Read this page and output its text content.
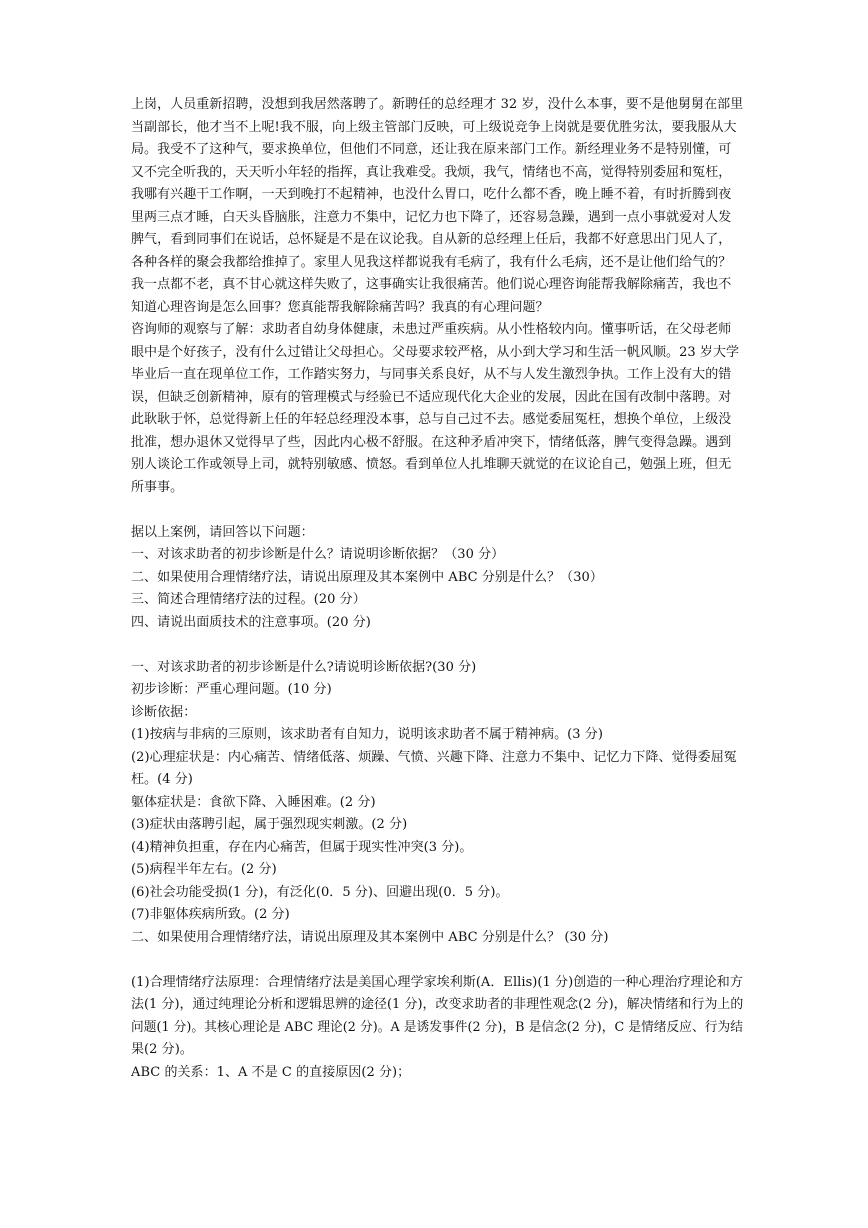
上岗，人员重新招聘，没想到我居然落聘了。新聘任的总经理才 32 岁，没什么本事，要不是他舅舅在部里
当副部长，他才当不上呢!我不服，向上级主管部门反映，可上级说竞争上岗就是要优胜劣汰，要我服从大
局。我受不了这种气，要求换单位，但他们不同意，还让我在原来部门工作。新经理业务不是特别懂，可
又不完全听我的，天天听小年轻的指挥，真让我难受。我烦，我气，情绪也不高，觉得特别委屈和冤枉，
我哪有兴趣干工作啊，一天到晚打不起精神，也没什么胃口，吃什么都不香，晚上睡不着，有时折腾到夜
里两三点才睡，白天头昏脑胀，注意力不集中，记忆力也下降了，还容易急躁，遇到一点小事就爱对人发
脾气，看到同事们在说话，总怀疑是不是在议论我。自从新的总经理上任后，我都不好意思出门见人了，
各种各样的聚会我都给推掉了。家里人见我这样都说我有毛病了，我有什么毛病，还不是让他们给气的？
我一点都不老，真不甘心就这样失败了，这事确实让我很痛苦。他们说心理咨询能帮我解除痛苦，我也不
知道心理咨询是怎么回事？您真能帮我解除痛苦吗？我真的有心理问题？
咨询师的观察与了解：求助者自幼身体健康，未患过严重疾病。从小性格较内向。懂事听话，在父母老师
眼中是个好孩子，没有什么过错让父母担心。父母要求较严格，从小到大学习和生活一帆风顺。23 岁大学
毕业后一直在现单位工作，工作踏实努力，与同事关系良好，从不与人发生激烈争执。工作上没有大的错
误，但缺乏创新精神，原有的管理模式与经验已不适应现代化大企业的发展，因此在国有改制中落聘。对
此耿耿于怀，总觉得新上任的年轻总经理没本事，总与自己过不去。感觉委屈冤枉，想换个单位，上级没
批准，想办退休又觉得早了些，因此内心极不舒服。在这种矛盾冲突下，情绪低落，脾气变得急躁。遇到
别人谈论工作或领导上司，就特别敏感、愤怒。看到单位人扎堆聊天就觉的在议论自己，勉强上班，但无
所事事。
据以上案例，请回答以下问题：
一、对该求助者的初步诊断是什么？请说明诊断依据？（30 分）
二、如果使用合理情绪疗法，请说出原理及其本案例中 ABC 分别是什么？（30）
三、简述合理情绪疗法的过程。(20 分）
四、请说出面质技术的注意事项。(20 分)
一、对该求助者的初步诊断是什么?请说明诊断依据?(30 分)
初步诊断：严重心理问题。(10 分)
诊断依据：
(1)按病与非病的三原则，该求助者有自知力，说明该求助者不属于精神病。(3 分)
(2)心理症状是：内心痛苦、情绪低落、烦躁、气愤、兴趣下降、注意力不集中、记忆力下降、觉得委屈冤
枉。(4 分)
躯体症状是：食欲下降、入睡困难。(2 分)
(3)症状由落聘引起，属于强烈现实刺激。(2 分)
(4)精神负担重，存在内心痛苦，但属于现实性冲突(3 分)。
(5)病程半年左右。(2 分)
(6)社会功能受损(1 分)，有泛化(0．5 分)、回避出现(0．5 分)。
(7)非躯体疾病所致。(2 分)
二、如果使用合理情绪疗法，请说出原理及其本案例中 ABC 分别是什么？ (30 分)
(1)合理情绪疗法原理：合理情绪疗法是美国心理学家埃利斯(A．Ellis)(1 分)创造的一种心理治疗理论和方
法(1 分)，通过纯理论分析和逻辑思辨的途径(1 分)，改变求助者的非理性观念(2 分)，解决情绪和行为上的
问题(1 分)。其核心理论是 ABC 理论(2 分)。A 是诱发事件(2 分)，B 是信念(2 分)，C 是情绪反应、行为结
果(2 分)。
ABC 的关系：1、A 不是 C 的直接原因(2 分)；
